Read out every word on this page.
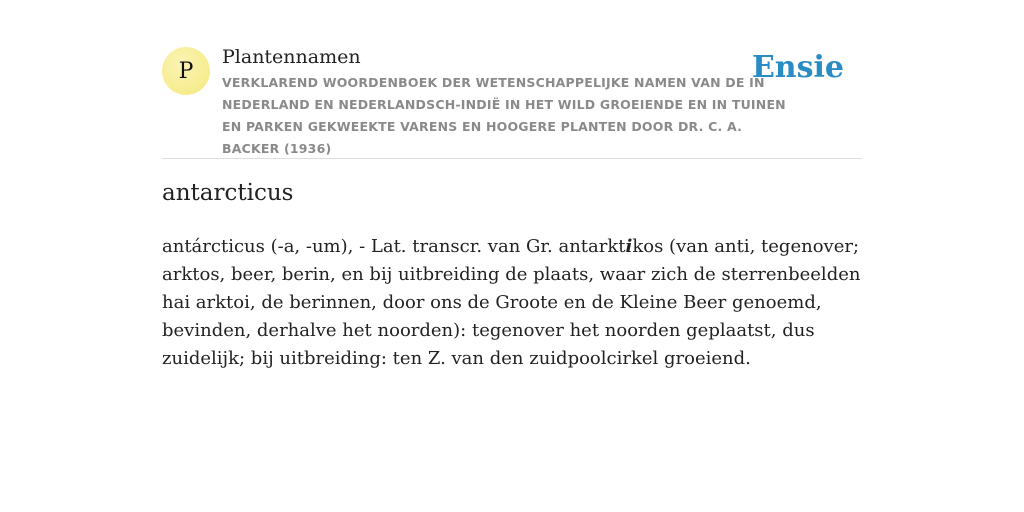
P
Plantennamen
VERKLAREND WOORDENBOEK DER WETENSCHAPPELIJKE NAMEN VAN DE IN NEDERLAND EN NEDERLANDSCH-INDIË IN HET WILD GROEIENDE EN IN TUINEN EN PARKEN GEKWEEKTE VARENS EN HOOGERE PLANTEN DOOR DR. C. A. BACKER (1936)
Ensie
antarcticus

antárcticus (-a, -um), - Lat. transcr. van Gr. antarktikos (van anti, tegenover; arktos, beer, berin, en bij uitbreiding de plaats, waar zich de sterrenbeelden hai arktoi, de berinnen, door ons de Groote en de Kleine Beer genoemd, bevinden, derhalve het noorden): tegenover het noorden geplaatst, dus zuidelijk; bij uitbreiding: ten Z. van den zuidpoolcirkel groeiend.
